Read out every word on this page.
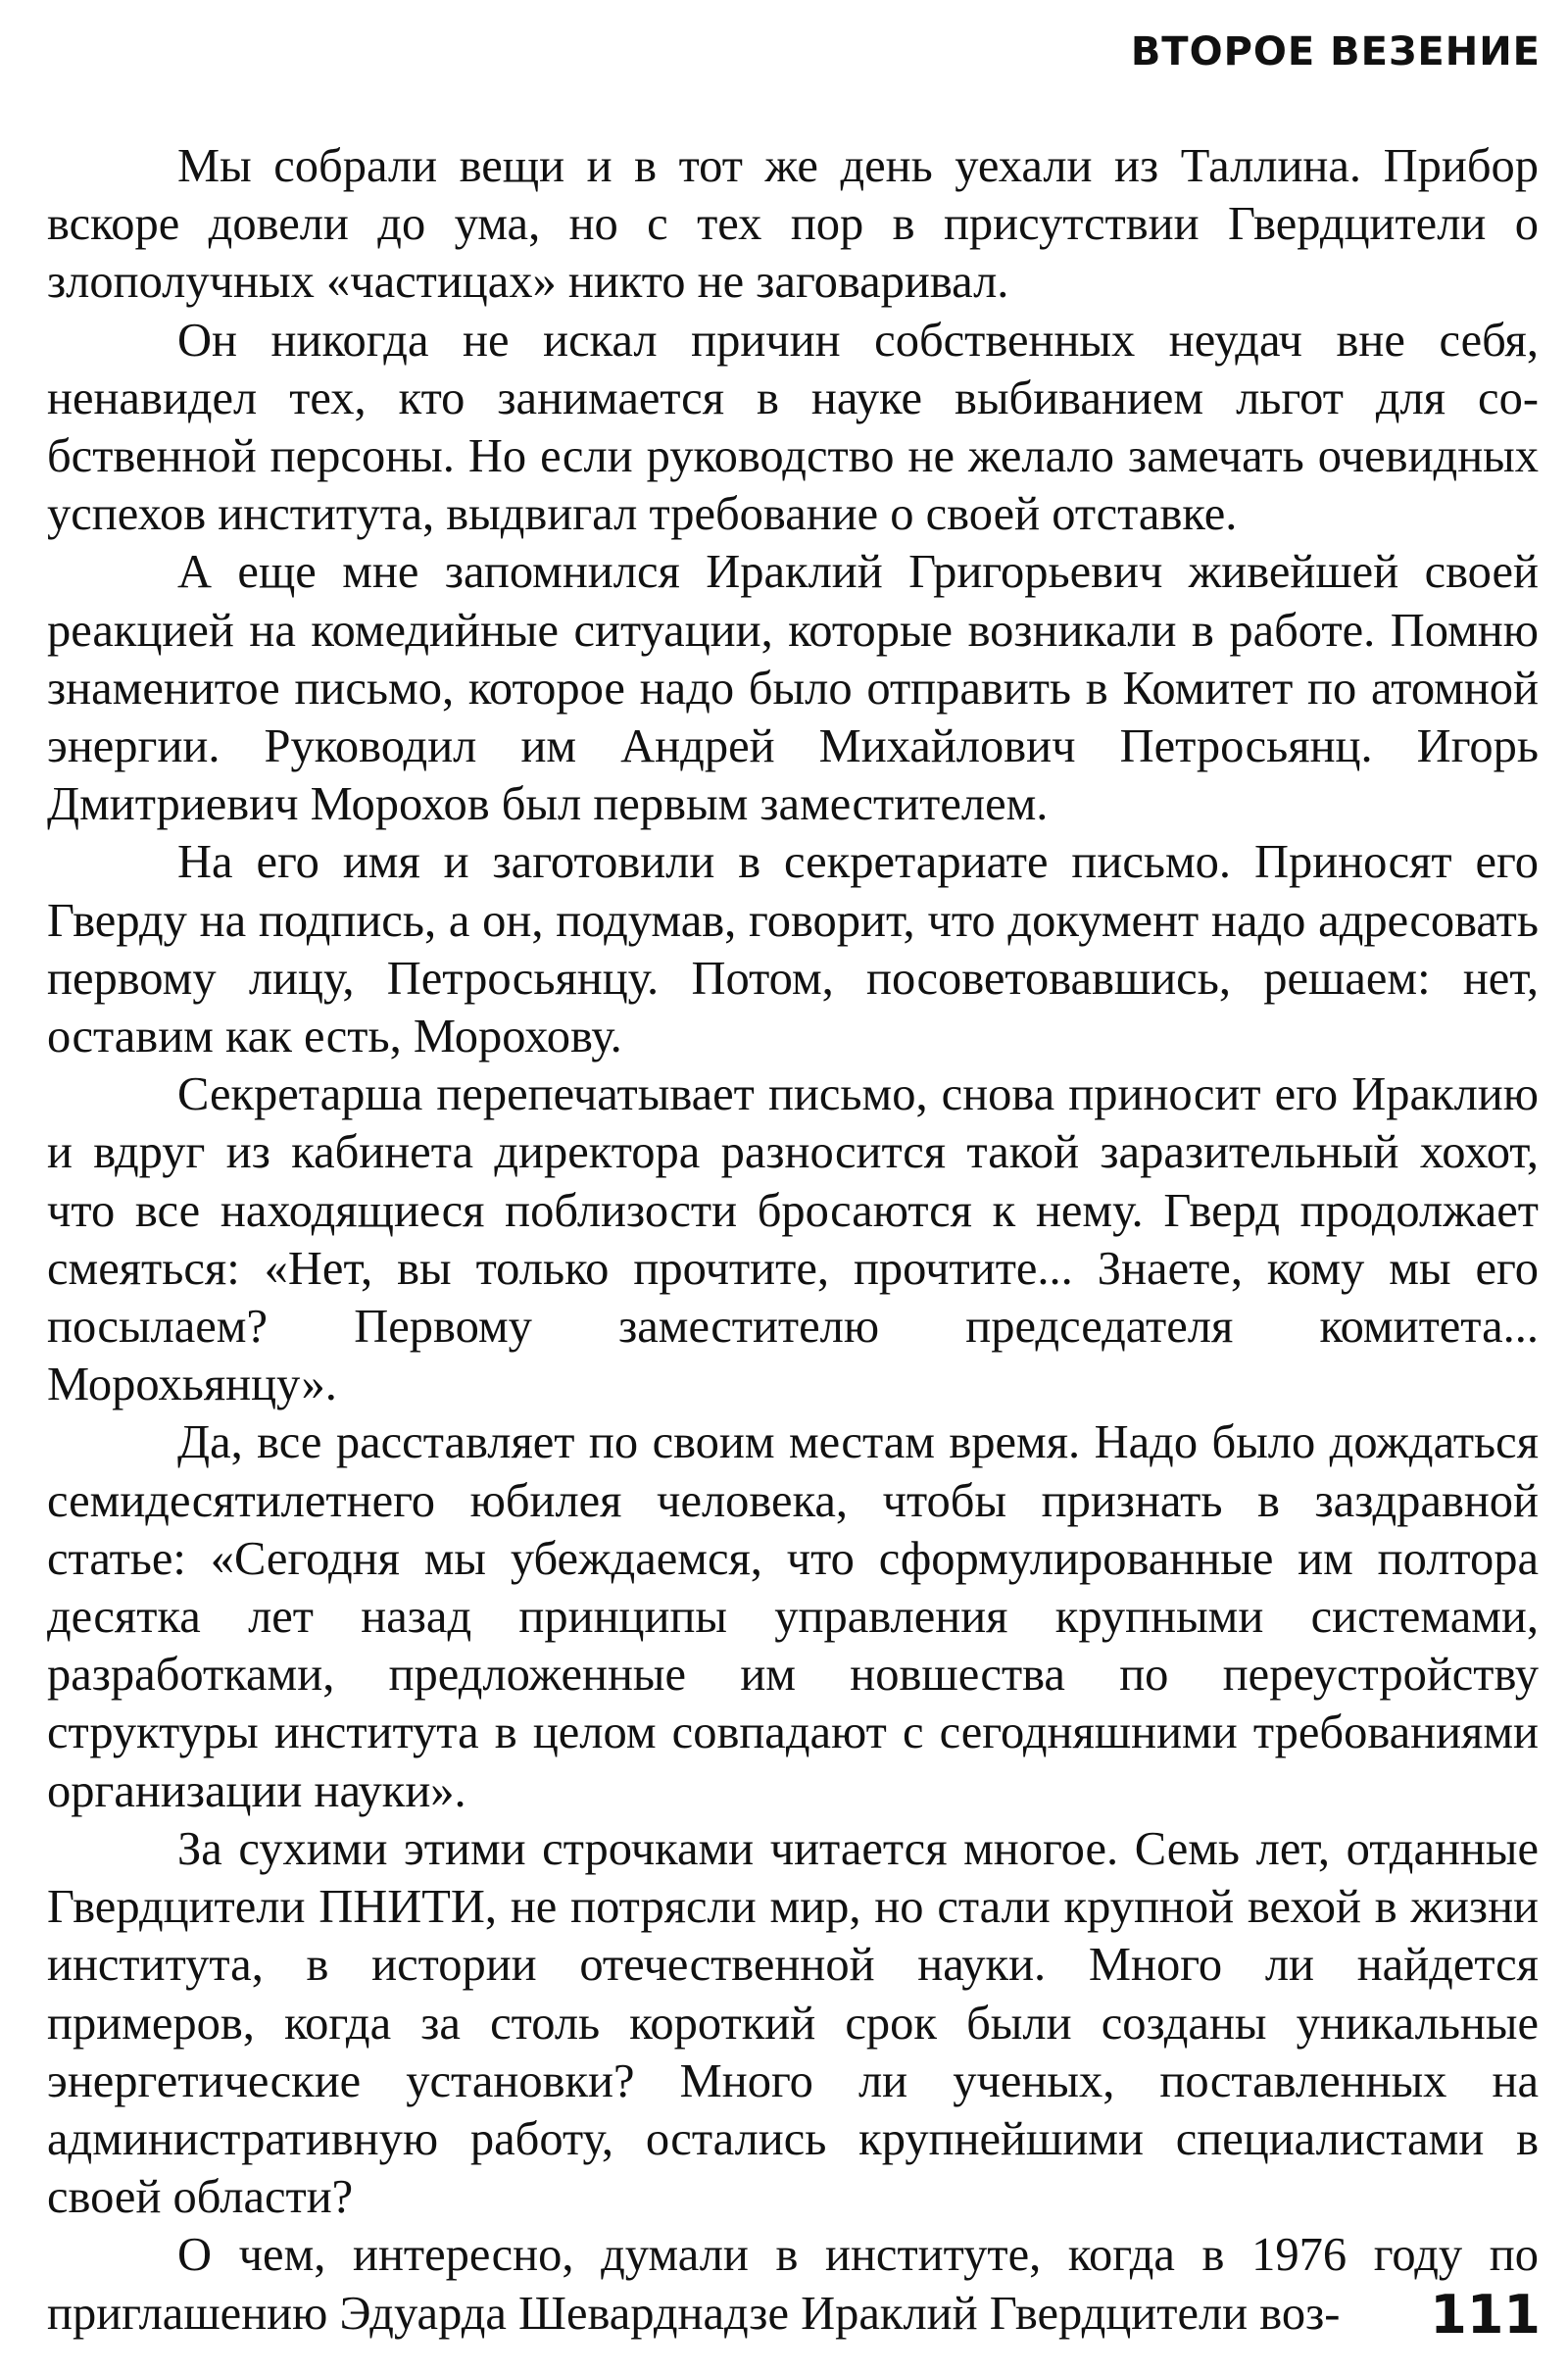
ВТОРОЕ ВЕЗЕНИЕ

Мы собрали вещи и в тот же день уехали из Таллина. Прибор вскоре довели до ума, но с тех пор в присутствии Гвердцители о злополучных «частицах» никто не заговаривал.

Он никогда не искал причин собственных неудач вне себя, ненавидел тех, кто занимается в науке выбиванием льгот для собственной персоны. Но если руководство не желало замечать очевидных успехов института, выдвигал требование о своей отставке.

А еще мне запомнился Ираклий Григорьевич живейшей своей реакцией на комедийные ситуации, которые возникали в работе. Помню знаменитое письмо, которое надо было отправить в Комитет по атомной энергии. Руководил им Андрей Михайлович Петросьянц. Игорь Дмитриевич Морохов был первым заместителем.

На его имя и заготовили в секретариате письмо. Приносят его Гверду на подпись, а он, подумав, говорит, что документ надо адресовать первому лицу, Петросьянцу. Потом, посоветовавшись, решаем: нет, оставим как есть, Морохову.

Секретарша перепечатывает письмо, снова приносит его Ираклию и вдруг из кабинета директора разносится такой заразительный хохот, что все находящиеся поблизости бросаются к нему. Гверд продолжает смеяться: «Нет, вы только прочтите, прочтите... Знаете, кому мы его посылаем? Первому заместителю председателя комитета... Морохьянцу».

Да, все расставляет по своим местам время. Надо было дождаться семидесятилетнего юбилея человека, чтобы признать в заздравной статье: «Сегодня мы убеждаемся, что сформулированные им полтора десятка лет назад принципы управления крупными системами, разработками, предложенные им новшества по переустройству структуры института в целом совпадают с сегодняшними требованиями организации науки».

За сухими этими строчками читается многое. Семь лет, отданные Гвердцители ПНИТИ, не потрясли мир, но стали крупной вехой в жизни института, в истории отечественной науки. Много ли найдется примеров, когда за столь короткий срок были созданы уникальные энергетические установки? Много ли ученых, поставленных на административную работу, остались крупнейшими специалистами в своей области?

О чем, интересно, думали в институте, когда в 1976 году по приглашению Эдуарда Шеварднадзе Ираклий Гвердцители воз-	111
